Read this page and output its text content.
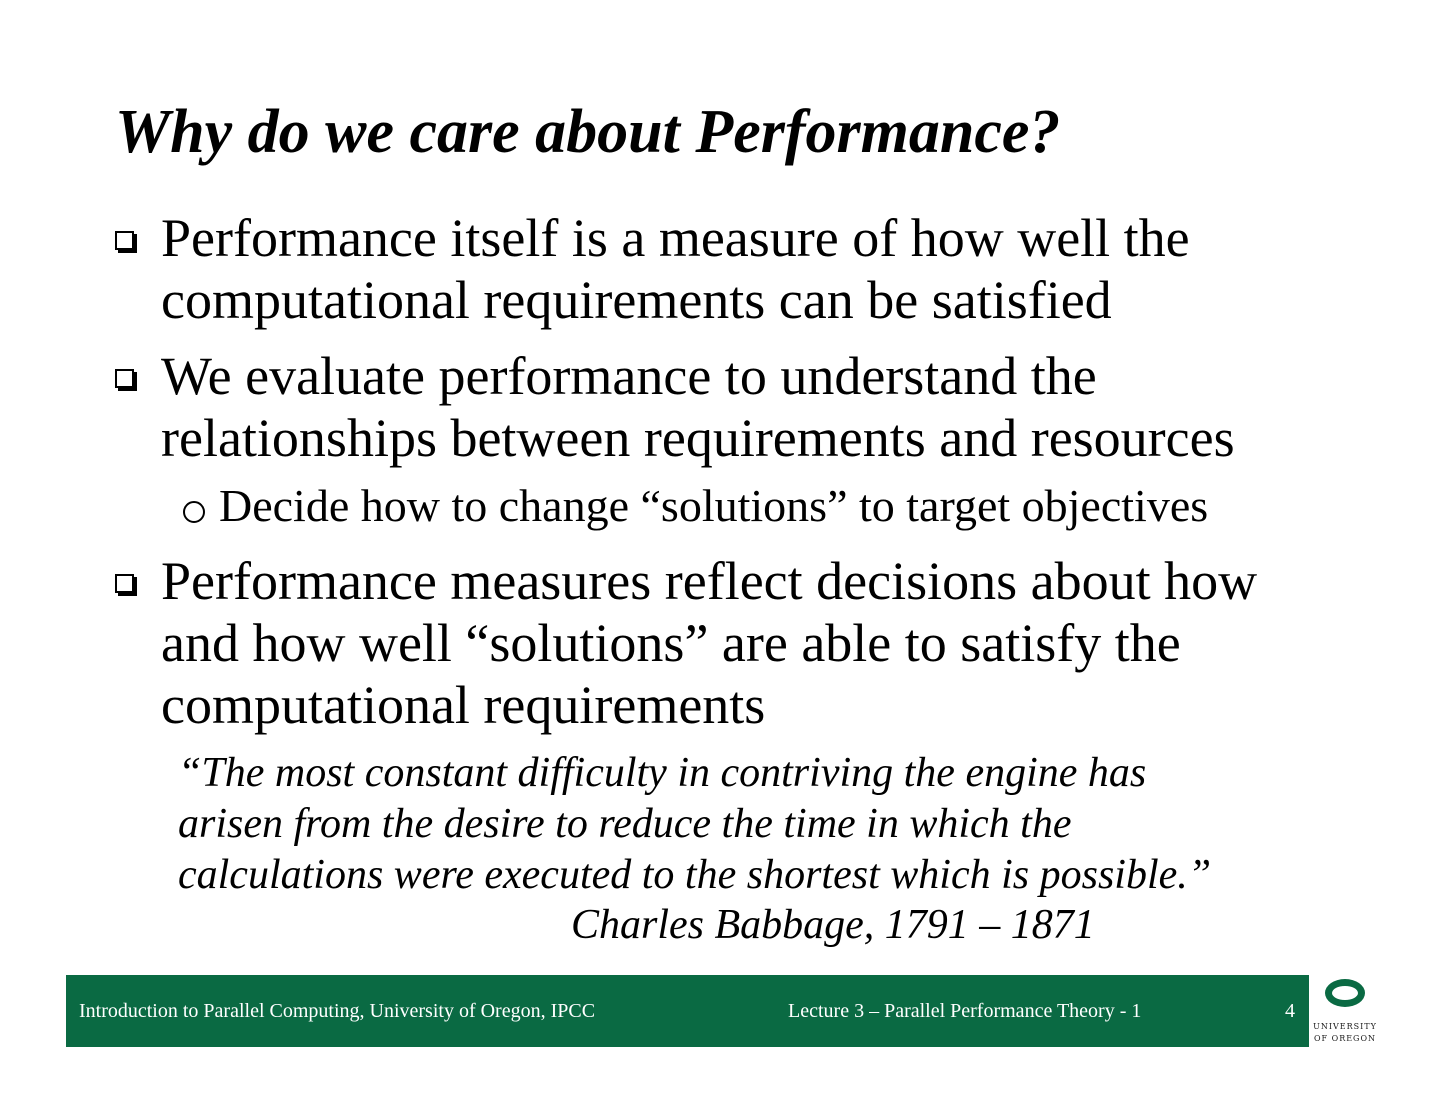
Why do we care about Performance?
Performance itself is a measure of how well the
computational requirements can be satisfied
We evaluate performance to understand the
relationships between requirements and resources
Decide how to change “solutions” to target objectives
Performance measures reflect decisions about how
and how well “solutions” are able to satisfy the
computational requirements
“The most constant difficulty in contriving the engine has
arisen from the desire to reduce the time in which the
calculations were executed to the shortest which is possible.”
Charles Babbage, 1791 – 1871
Introduction to Parallel Computing, University of Oregon, IPCC	Lecture 3 – Parallel Performance Theory - 1	4
UNIVERSITY
OF OREGON
